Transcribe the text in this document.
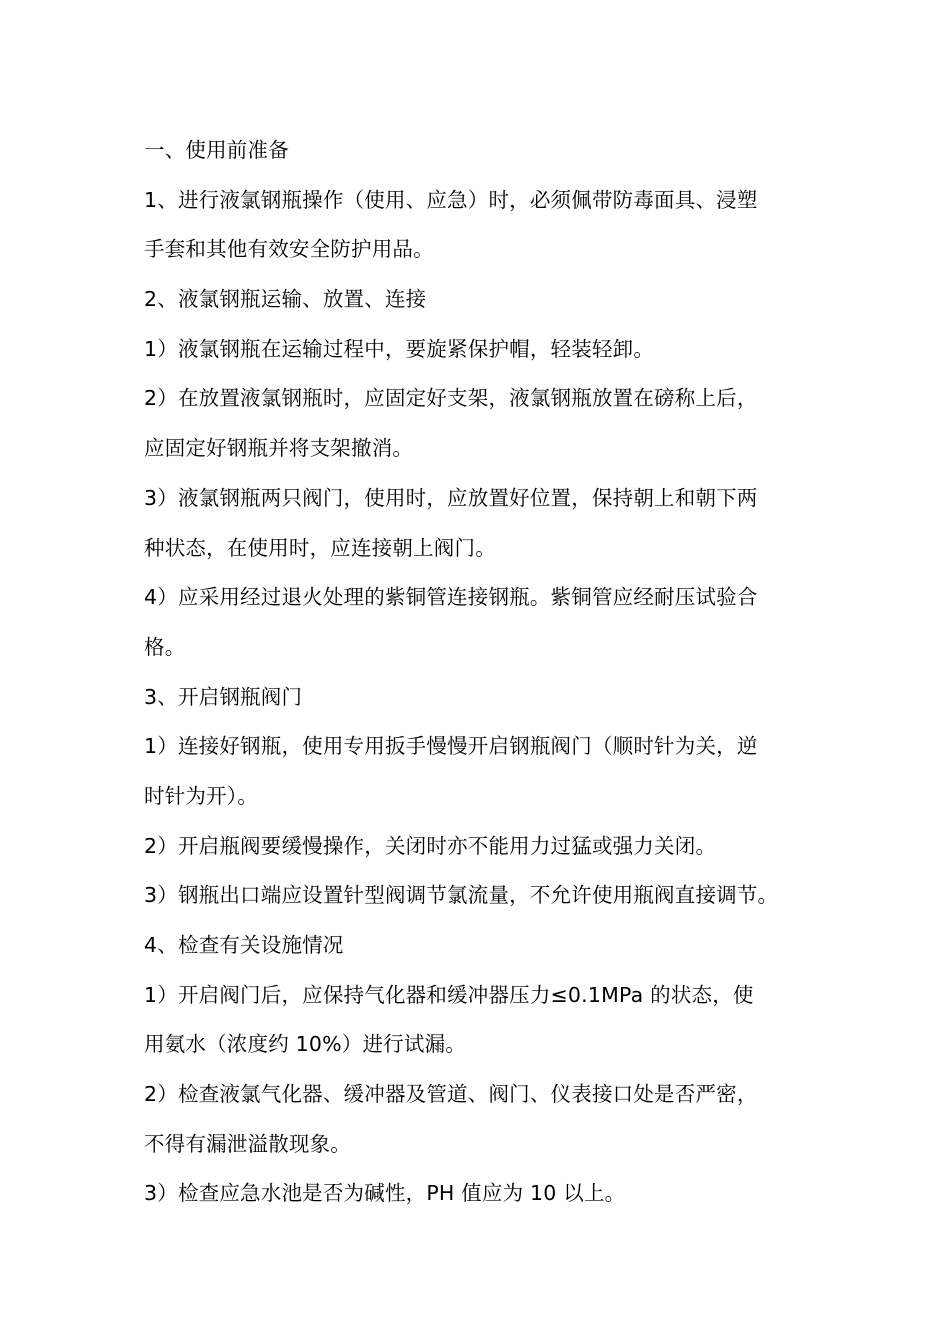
一、使用前准备
1、进行液氯钢瓶操作（使用、应急）时，必须佩带防毒面具、浸塑
手套和其他有效安全防护用品。
2、液氯钢瓶运输、放置、连接
1）液氯钢瓶在运输过程中，要旋紧保护帽，轻装轻卸。
2）在放置液氯钢瓶时，应固定好支架，液氯钢瓶放置在磅称上后，
应固定好钢瓶并将支架撤消。
3）液氯钢瓶两只阀门，使用时，应放置好位置，保持朝上和朝下两
种状态，在使用时，应连接朝上阀门。
4）应采用经过退火处理的紫铜管连接钢瓶。紫铜管应经耐压试验合
格。
3、开启钢瓶阀门
1）连接好钢瓶，使用专用扳手慢慢开启钢瓶阀门（顺时针为关，逆
时针为开）。
2）开启瓶阀要缓慢操作，关闭时亦不能用力过猛或强力关闭。
3）钢瓶出口端应设置针型阀调节氯流量，不允许使用瓶阀直接调节。
4、检查有关设施情况
1）开启阀门后，应保持气化器和缓冲器压力≤0.1MPa 的状态，使
用氨水（浓度约 10%）进行试漏。
2）检查液氯气化器、缓冲器及管道、阀门、仪表接口处是否严密，
不得有漏泄溢散现象。
3）检查应急水池是否为碱性，PH 值应为 10 以上。
